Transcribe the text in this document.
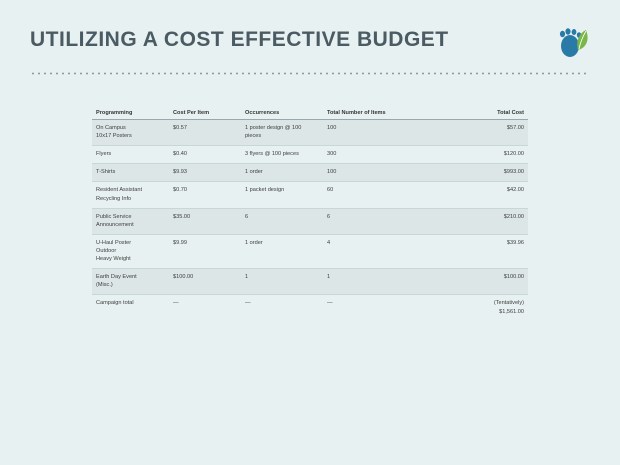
UTILIZING A COST EFFECTIVE BUDGET
Programming	Cost Per Item	Occurrences	Total Number of Items	Total Cost

On Campus
10x17 Posters	$0.57	1 poster design @ 100 pieces	100	$57.00
Flyers	$0.40	3 flyers @ 100 pieces	300	$120.00
T-Shirts	$9.93	1 order	100	$993.00

Resident Assistant
Recycling Info	$0.70	1 packet design	60	$42.00

Public Service
Announcement	$35.00	6	6	$210.00

U-Haul Poster
Outdoor
Heavy Weight	$9.99	1 order	4	$39.96

Earth Day Event
(Misc.)	$100.00	1	1	$100.00
Campaign total	—	—	—	(Tentatively)
$1,561.00
